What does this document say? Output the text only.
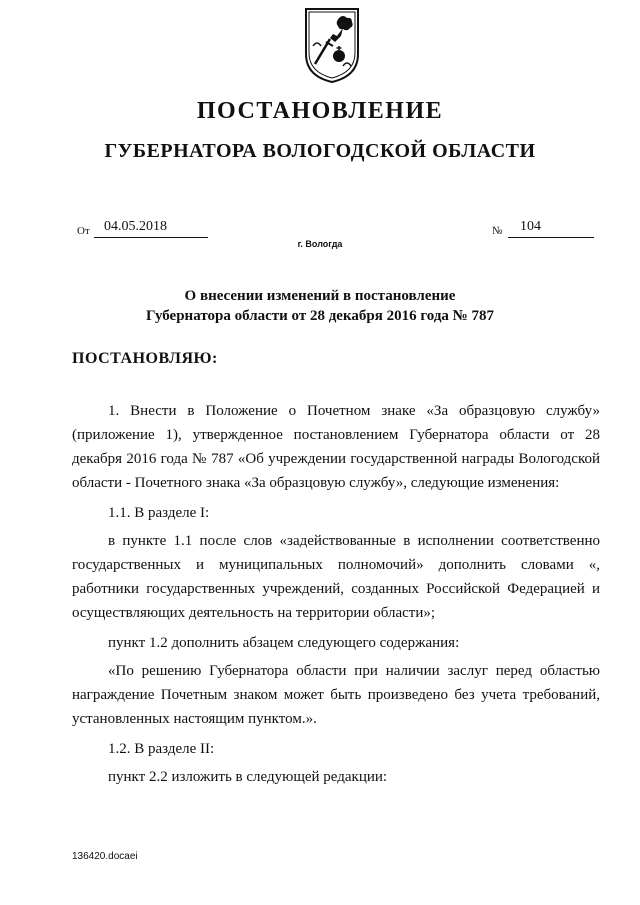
ПОСТАНОВЛЕНИЕ
ГУБЕРНАТОРА ВОЛОГОДСКОЙ ОБЛАСТИ
От 04.05.2018	№ 104
г. Вологда
О внесении изменений в постановление
Губернатора области от 28 декабря 2016 года № 787
ПОСТАНОВЛЯЮ:
1. Внести в Положение о Почетном знаке «За образцовую службу» (приложение 1), утвержденное постановлением Губернатора области от 28 декабря 2016 года № 787 «Об учреждении государственной награды Вологодской области - Почетного знака «За образцовую службу», следующие изменения:
1.1. В разделе I:
в пункте 1.1 после слов «задействованные в исполнении соответственно государственных и муниципальных полномочий» дополнить словами «, работники государственных учреждений, созданных Российской Федерацией и осуществляющих деятельность на территории области»;
пункт 1.2 дополнить абзацем следующего содержания:
«По решению Губернатора области при наличии заслуг перед областью награждение Почетным знаком может быть произведено без учета требований, установленных настоящим пунктом.».
1.2. В разделе II:
пункт 2.2 изложить в следующей редакции:
136420.docaei
